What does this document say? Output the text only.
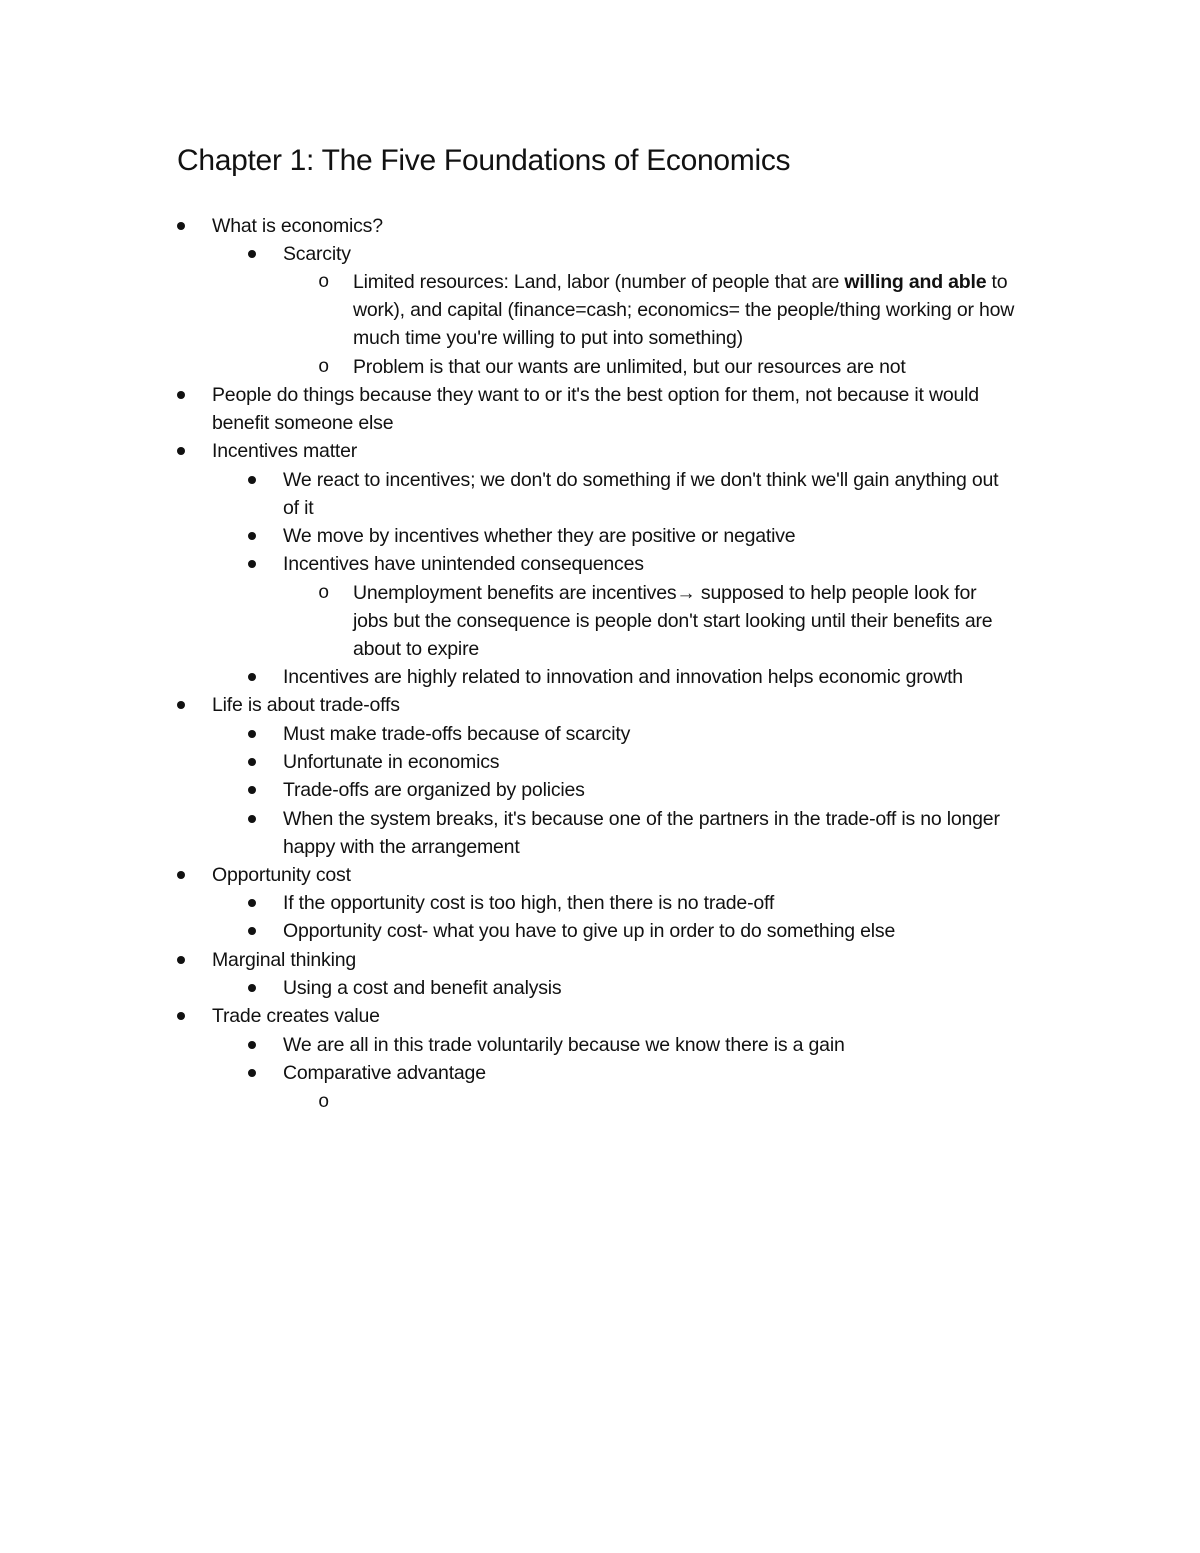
Chapter 1: The Five Foundations of Economics
What is economics?
Scarcity
o Limited resources: Land, labor (number of people that are willing and able to
work), and capital (finance=cash; economics= the people/thing working or how
much time you're willing to put into something)
o Problem is that our wants are unlimited, but our resources are not
People do things because they want to or it's the best option for them, not because it would
benefit someone else
Incentives matter
We react to incentives; we don't do something if we don't think we'll gain anything out
of it
We move by incentives whether they are positive or negative
Incentives have unintended consequences
o Unemployment benefits are incentives→ supposed to help people look for
jobs but the consequence is people don't start looking until their benefits are
about to expire
Incentives are highly related to innovation and innovation helps economic growth
Life is about trade-offs
Must make trade-offs because of scarcity
Unfortunate in economics
Trade-offs are organized by policies
When the system breaks, it's because one of the partners in the trade-off is no longer
happy with the arrangement
Opportunity cost
If the opportunity cost is too high, then there is no trade-off
Opportunity cost- what you have to give up in order to do something else
Marginal thinking
Using a cost and benefit analysis
Trade creates value
We are all in this trade voluntarily because we know there is a gain
Comparative advantage
o
